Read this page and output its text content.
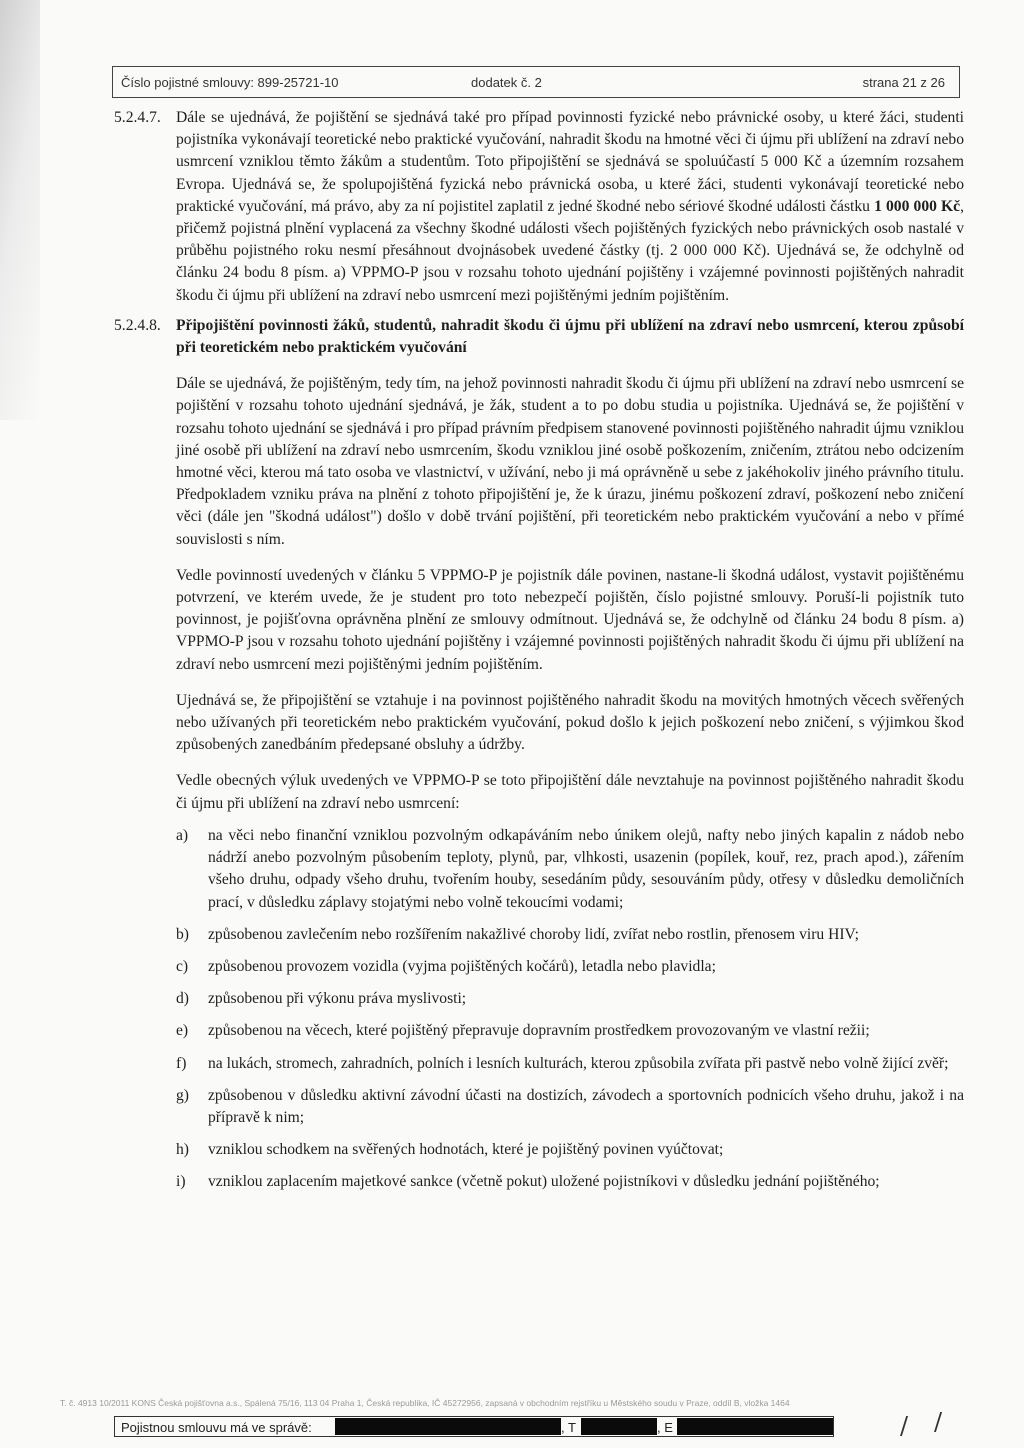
Číslo pojistné smlouvy: 899-25721-10	dodatek č. 2	strana 21 z 26
5.2.4.7. Dále se ujednává, že pojištění se sjednává také pro případ povinnosti fyzické nebo právnické osoby, u které žáci, studenti pojistníka vykonávají teoretické nebo praktické vyučování, nahradit škodu na hmotné věci či újmu při ublížení na zdraví nebo usmrcení vzniklou těmto žákům a studentům. Toto připojištění se sjednává se spoluúčastí 5 000 Kč a územním rozsahem Evropa. Ujednává se, že spolupojištěná fyzická nebo právnická osoba, u které žáci, studenti vykonávají teoretické nebo praktické vyučování, má právo, aby za ní pojistitel zaplatil z jedné škodné nebo sériové škodné události částku 1 000 000 Kč, přičemž pojistná plnění vyplacená za všechny škodné události všech pojištěných fyzických nebo právnických osob nastalé v průběhu pojistného roku nesmí přesáhnout dvojnásobek uvedené částky (tj. 2 000 000 Kč). Ujednává se, že odchylně od článku 24 bodu 8 písm. a) VPPMO-P jsou v rozsahu tohoto ujednání pojištěny i vzájemné povinnosti pojištěných nahradit škodu či újmu při ublížení na zdraví nebo usmrcení mezi pojištěnými jedním pojištěním.

5.2.4.8. Připojištění povinnosti žáků, studentů, nahradit škodu či újmu při ublížení na zdraví nebo usmrcení, kterou způsobí při teoretickém nebo praktickém vyučování

Dále se ujednává, že pojištěným, tedy tím, na jehož povinnosti nahradit škodu či újmu při ublížení na zdraví nebo usmrcení se pojištění v rozsahu tohoto ujednání sjednává, je žák, student a to po dobu studia u pojistníka. Ujednává se, že pojištění v rozsahu tohoto ujednání se sjednává i pro případ právním předpisem stanovené povinnosti pojištěného nahradit újmu vzniklou jiné osobě při ublížení na zdraví nebo usmrcením, škodu vzniklou jiné osobě poškozením, zničením, ztrátou nebo odcizením hmotné věci, kterou má tato osoba ve vlastnictví, v užívání, nebo ji má oprávněně u sebe z jakéhokoliv jiného právního titulu. Předpokladem vzniku práva na plnění z tohoto připojištění je, že k úrazu, jinému poškození zdraví, poškození nebo zničení věci (dále jen "škodná událost") došlo v době trvání pojištění, při teoretickém nebo praktickém vyučování a nebo v přímé souvislosti s ním.

Vedle povinností uvedených v článku 5 VPPMO-P je pojistník dále povinen, nastane-li škodná událost, vystavit pojištěnému potvrzení, ve kterém uvede, že je student pro toto nebezpečí pojištěn, číslo pojistné smlouvy. Poruší-li pojistník tuto povinnost, je pojišťovna oprávněna plnění ze smlouvy odmítnout. Ujednává se, že odchylně od článku 24 bodu 8 písm. a) VPPMO-P jsou v rozsahu tohoto ujednání pojištěny i vzájemné povinnosti pojištěných nahradit škodu či újmu při ublížení na zdraví nebo usmrcení mezi pojištěnými jedním pojištěním.

Ujednává se, že připojištění se vztahuje i na povinnost pojištěného nahradit škodu na movitých hmotných věcech svěřených nebo užívaných při teoretickém nebo praktickém vyučování, pokud došlo k jejich poškození nebo zničení, s výjimkou škod způsobených zanedbáním předepsané obsluhy a údržby.

Vedle obecných výluk uvedených ve VPPMO-P se toto připojištění dále nevztahuje na povinnost pojištěného nahradit škodu či újmu při ublížení na zdraví nebo usmrcení:

a) na věci nebo finanční vzniklou pozvolným odkapáváním nebo únikem olejů, nafty nebo jiných kapalin z nádob nebo nádrží anebo pozvolným působením teploty, plynů, par, vlhkosti, usazenin (popílek, kouř, rez, prach apod.), zářením všeho druhu, odpady všeho druhu, tvořením houby, sesedáním půdy, sesouváním půdy, otřesy v důsledku demoličních prací, v důsledku záplavy stojatými nebo volně tekoucími vodami;
b) způsobenou zavlečením nebo rozšířením nakažlivé choroby lidí, zvířat nebo rostlin, přenosem viru HIV;
c) způsobenou provozem vozidla (vyjma pojištěných kočárů), letadla nebo plavidla;
d) způsobenou při výkonu práva myslivosti;
e) způsobenou na věcech, které pojištěný přepravuje dopravním prostředkem provozovaným ve vlastní režii;
f) na lukách, stromech, zahradních, polních i lesních kulturách, kterou způsobila zvířata při pastvě nebo volně žijící zvěř;
g) způsobenou v důsledku aktivní závodní účasti na dostizích, závodech a sportovních podnicích všeho druhu, jakož i na přípravě k nim;
h) vzniklou schodkem na svěřených hodnotách, které je pojištěný povinen vyúčtovat;
i) vzniklou zaplacením majetkové sankce (včetně pokut) uložené pojistníkovi v důsledku jednání pojištěného;
T. č. 4913 10/2011 KONS Česká pojišťovna a.s., Spálená 75/16, 113 04 Praha 1, Česká republika, IČ 45272956, zapsaná v obchodním rejstříku u Městského soudu v Praze, oddíl B, vložka 1464
Pojistnou smlouvu má ve správě:	, T	, E	/ /
